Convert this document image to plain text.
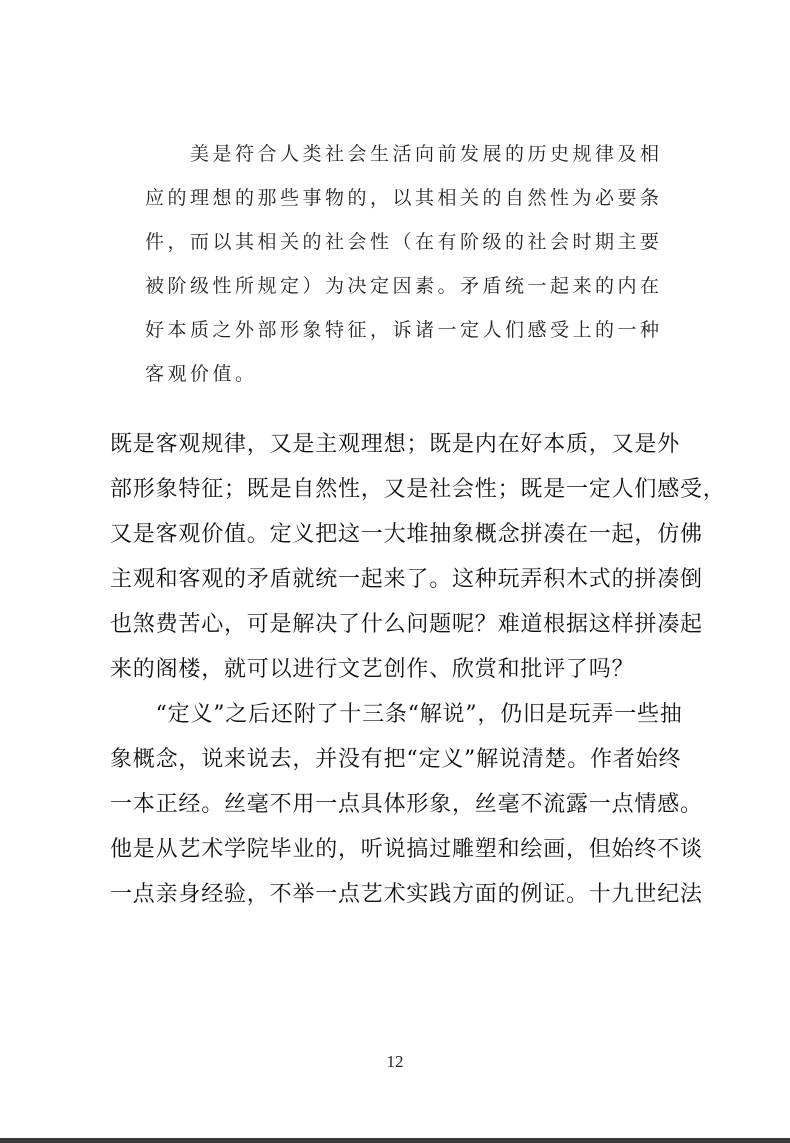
　　美是符合人类社会生活向前发展的历史规律及相
应的理想的那些事物的，以其相关的自然性为必要条
件，而以其相关的社会性（在有阶级的社会时期主要
被阶级性所规定）为决定因素。矛盾统一起来的内在
好本质之外部形象特征，诉诸一定人们感受上的一种
客观价值。
既是客观规律，又是主观理想；既是内在好本质，又是外
部形象特征；既是自然性，又是社会性；既是一定人们感受，
又是客观价值。定义把这一大堆抽象概念拼凑在一起，仿佛
主观和客观的矛盾就统一起来了。这种玩弄积木式的拼凑倒
也煞费苦心，可是解决了什么问题呢？难道根据这样拼凑起
来的阁楼，就可以进行文艺创作、欣赏和批评了吗？
　　“定义”之后还附了十三条“解说”，仍旧是玩弄一些抽
象概念，说来说去，并没有把“定义”解说清楚。作者始终
一本正经。丝毫不用一点具体形象，丝毫不流露一点情感。
他是从艺术学院毕业的，听说搞过雕塑和绘画，但始终不谈
一点亲身经验，不举一点艺术实践方面的例证。十九世纪法
12
